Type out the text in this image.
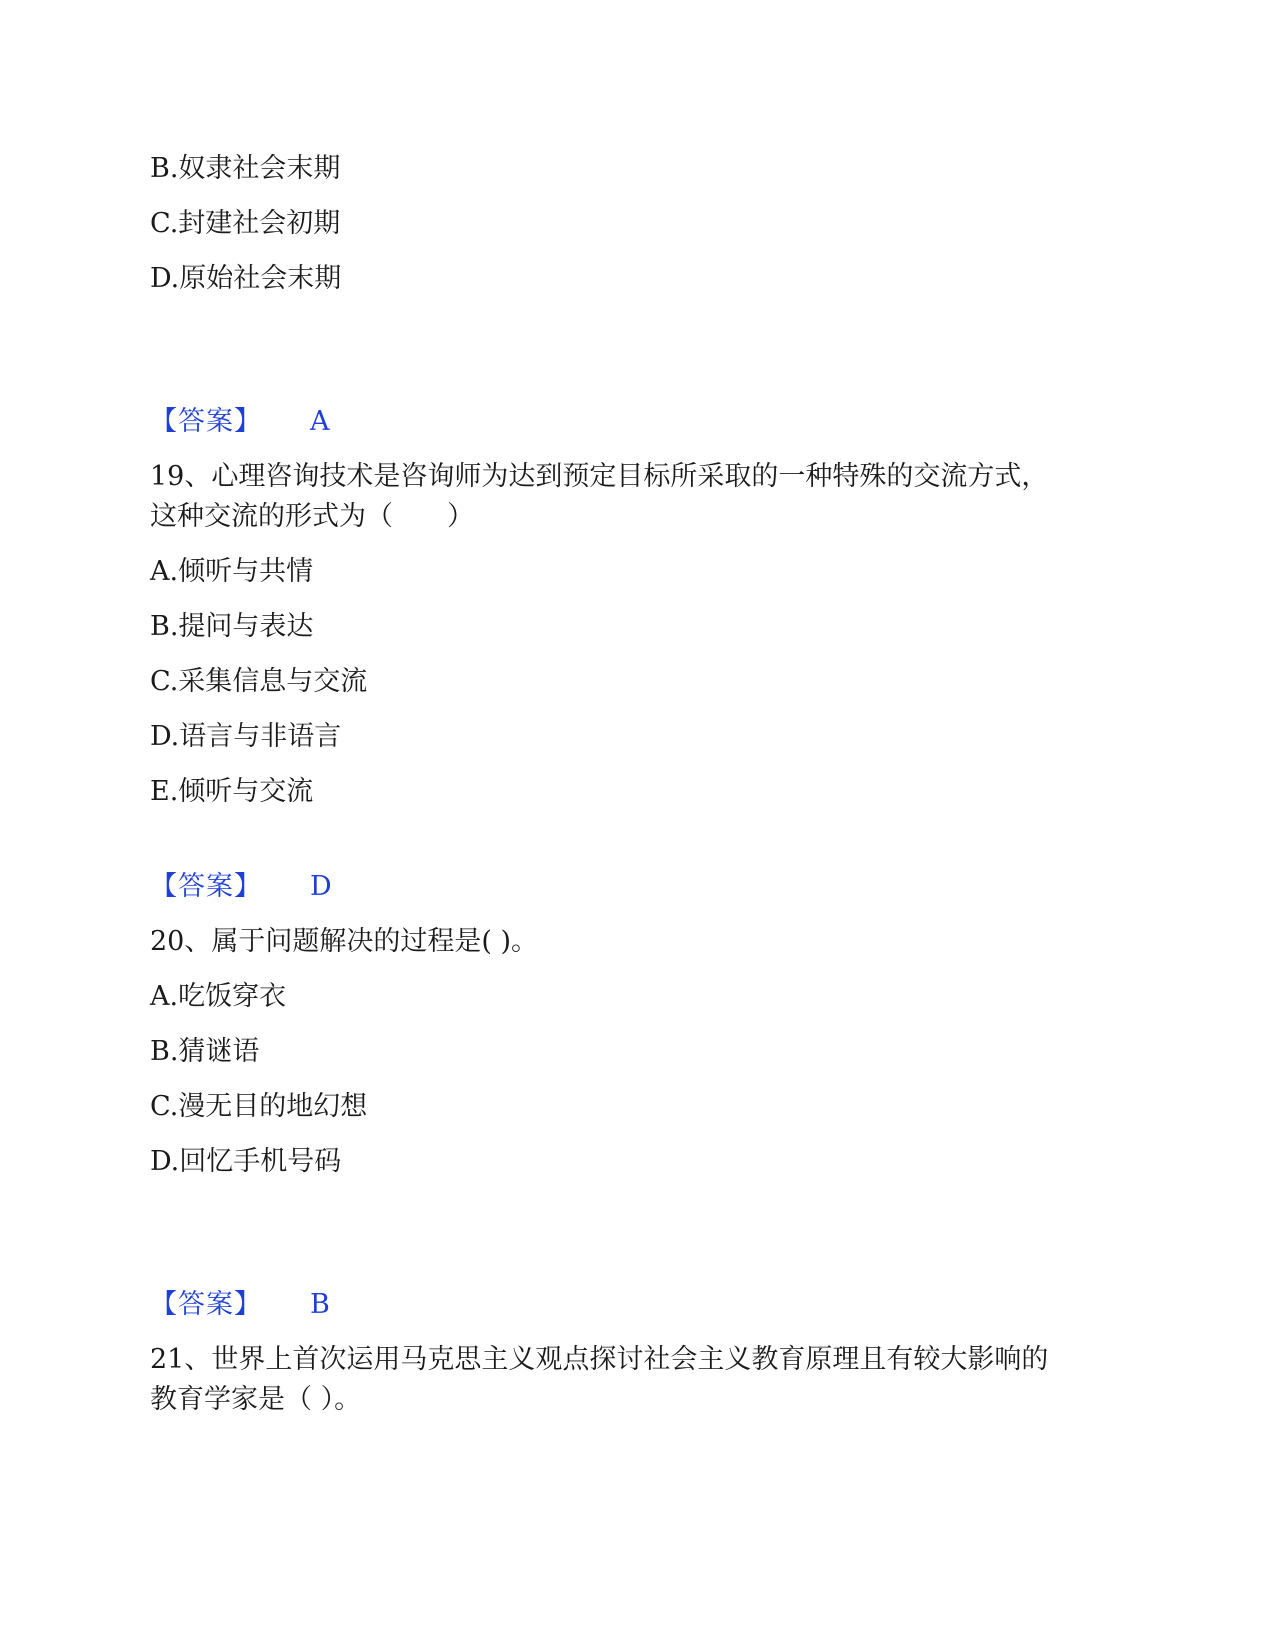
B.奴隶社会末期
C.封建社会初期
D.原始社会末期
【答案】 A
19、心理咨询技术是咨询师为达到预定目标所采取的一种特殊的交流方式，
这种交流的形式为（　　）
A.倾听与共情
B.提问与表达
C.采集信息与交流
D.语言与非语言
E.倾听与交流
【答案】 D
20、属于问题解决的过程是( )。
A.吃饭穿衣
B.猜谜语
C.漫无目的地幻想
D.回忆手机号码
【答案】 B
21、世界上首次运用马克思主义观点探讨社会主义教育原理且有较大影响的
教育学家是（ ）。
